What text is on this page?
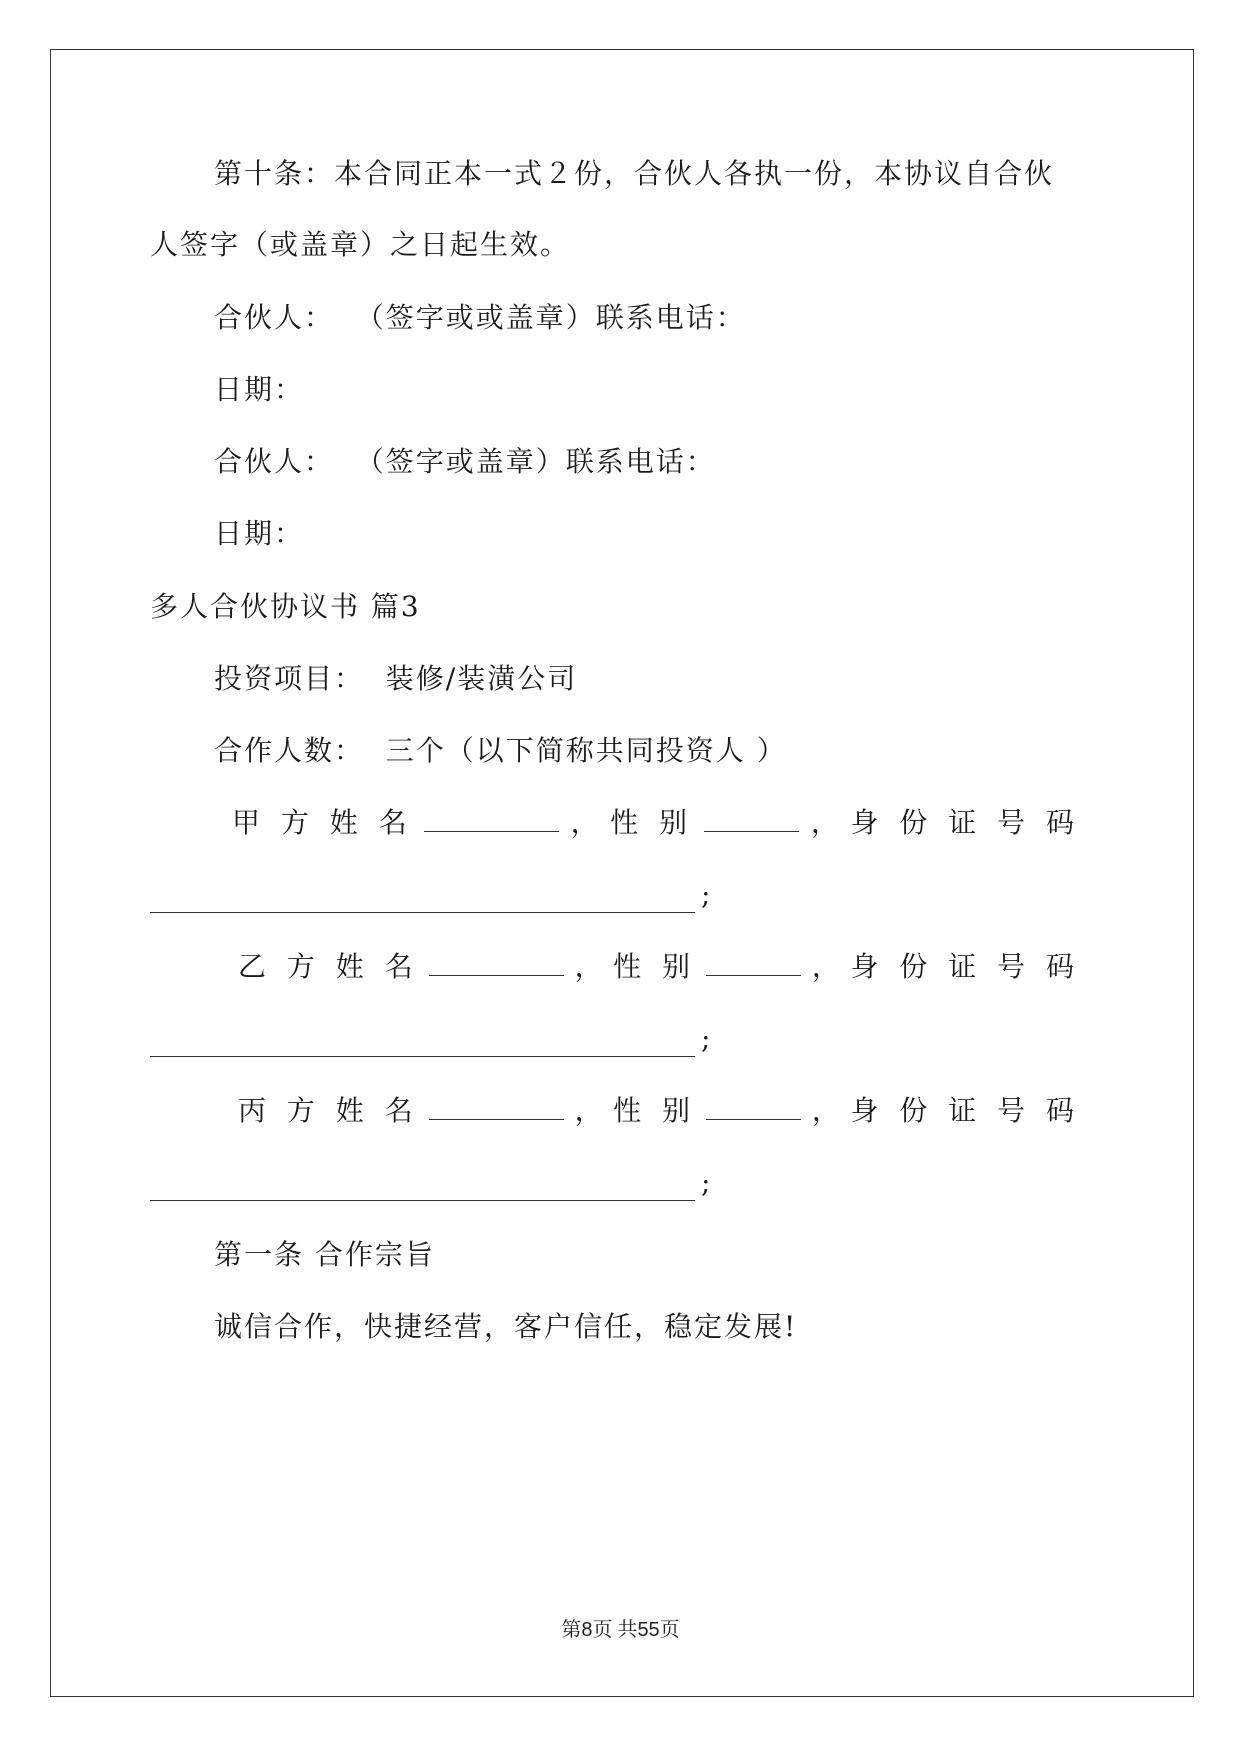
第十条：本合同正本一式２份，合伙人各执一份，本协议自合伙
人签字（或盖章）之日起生效。
合伙人：  （签字或或盖章）联系电话：
日期：
合伙人：  （签字或盖章）联系电话：
日期：
多人合伙协议书 篇3
投资项目：  装修/装潢公司
合作人数：  三个（以下简称共同投资人 ）
甲 方 姓 名	， 性 别	， 身 份 证 号 码
;
乙 方 姓 名	， 性 别	， 身 份 证 号 码
;
丙 方 姓 名	， 性 别	， 身 份 证 号 码
;
第一条 合作宗旨
诚信合作，快捷经营，客户信任，稳定发展!
第8页 共55页
